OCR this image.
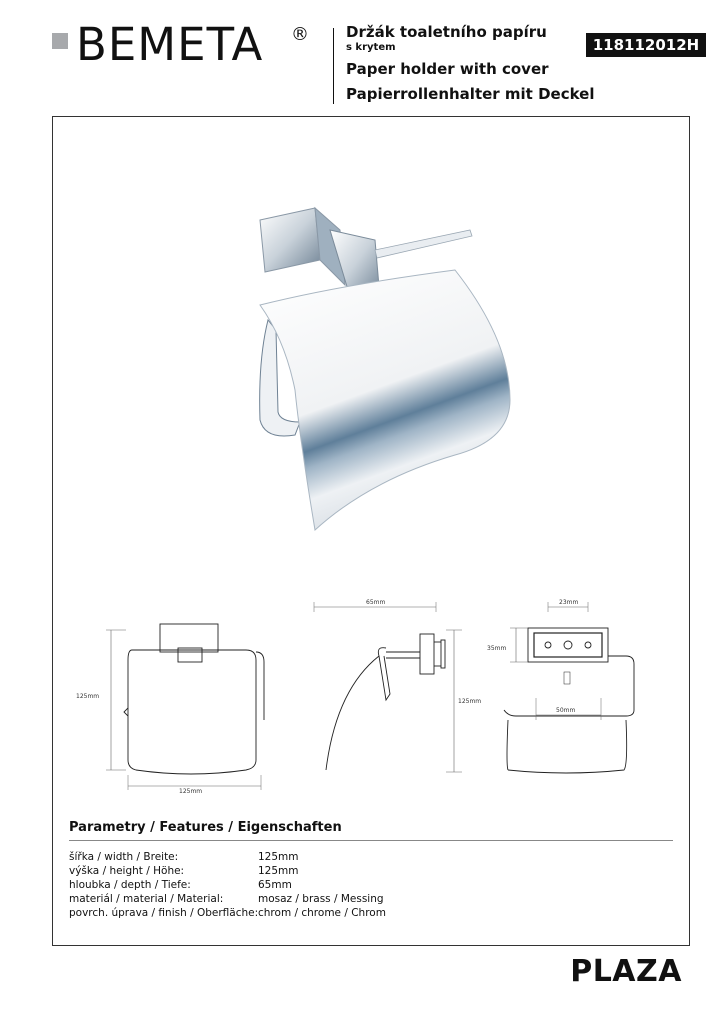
BEMETA ® Držák toaletního papíru
s krytem
Paper holder with cover
Papierrollenhalter mit Deckel
118112012H
125mm
125mm
65mm
125mm
23mm
35mm
50mm
Parametry / Features / Eigenschaften
šířka / width / Breite:	125mm
výška / height / Höhe:	125mm
hloubka / depth / Tiefe:	65mm
materiál / material / Material:	mosaz / brass / Messing
povrch. úprava / finish / Oberfläche: chrom / chrome / Chrom
PLAZA
